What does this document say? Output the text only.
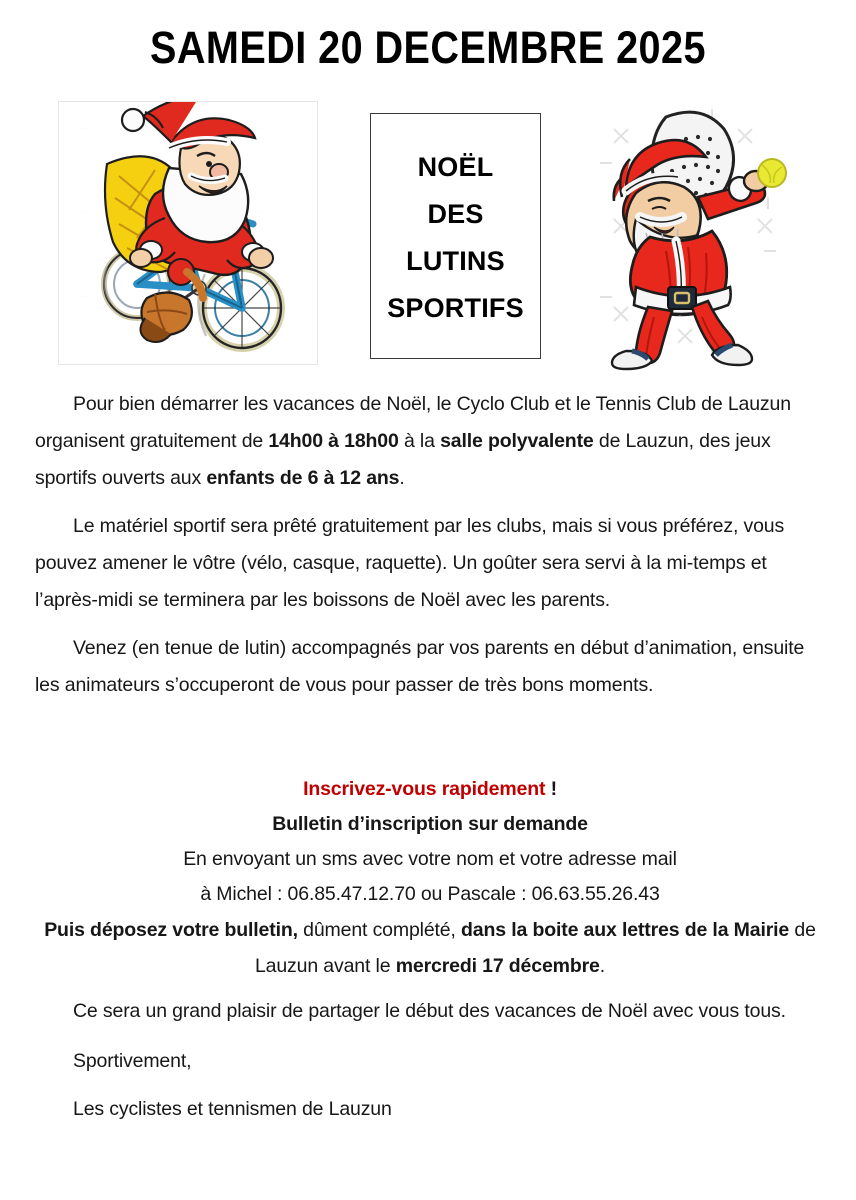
SAMEDI 20 DECEMBRE 2025
· ·	· ·
· ·	· ·
· ·
NOËL
DES
LUTINS
SPORTIFS

Pour bien démarrer les vacances de Noël, le Cyclo Club et le Tennis Club de Lauzun organisent gratuitement de 14h00 à 18h00 à la salle polyvalente de Lauzun, des jeux sportifs ouverts aux enfants de 6 à 12 ans.

Le matériel sportif sera prêté gratuitement par les clubs, mais si vous préférez, vous pouvez amener le vôtre (vélo, casque, raquette). Un goûter sera servi à la mi-temps et l’après-midi se terminera par les boissons de Noël avec les parents.

Venez (en tenue de lutin) accompagnés par vos parents en début d’animation, ensuite les animateurs s’occuperont de vous pour passer de très bons moments.

Inscrivez-vous rapidement !
Bulletin d’inscription sur demande
En envoyant un sms avec votre nom et votre adresse mail
à Michel : 06.85.47.12.70 ou Pascale : 06.63.55.26.43
Puis déposez votre bulletin, dûment complété, dans la boite aux lettres de la Mairie de Lauzun avant le mercredi 17 décembre.

Ce sera un grand plaisir de partager le début des vacances de Noël avec vous tous.

Sportivement,

Les cyclistes et tennismen de Lauzun
